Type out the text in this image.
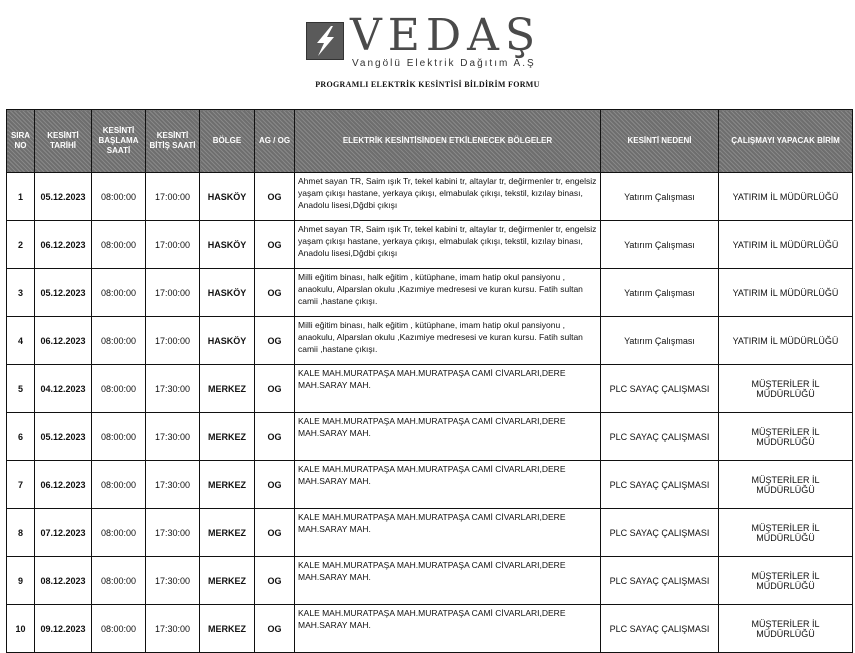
VEDAŞ
Vangölü Elektrik Dağıtım A.Ş
PROGRAMLI ELEKTRİK KESİNTİSİ BİLDİRİM FORMU
SIRA NO	KESİNTİ TARİHİ	KESİNTİ BAŞLAMA SAATİ	KESİNTİ BİTİŞ SAATİ	BÖLGE	AG / OG	ELEKTRİK KESİNTİSİNDEN ETKİLENECEK BÖLGELER	KESİNTİ NEDENİ	ÇALIŞMAYI YAPACAK BİRİM
1	05.12.2023	08:00:00	17:00:00	HASKÖY	OG	Ahmet sayan TR, Saim ışık Tr, tekel kabini tr, altaylar tr, değirmenler tr, engelsiz yaşam çıkışı hastane, yerkaya çıkışı, elmabulak çıkışı, tekstil, kızılay binası, Anadolu lisesi,Dğdbi çıkışı	Yatırım Çalışması	YATIRIM İL MÜDÜRLÜĞÜ
2	06.12.2023	08:00:00	17:00:00	HASKÖY	OG	Ahmet sayan TR, Saim ışık Tr, tekel kabini tr, altaylar tr, değirmenler tr, engelsiz yaşam çıkışı hastane, yerkaya çıkışı, elmabulak çıkışı, tekstil, kızılay binası, Anadolu lisesi,Dğdbi çıkışı	Yatırım Çalışması	YATIRIM İL MÜDÜRLÜĞÜ
3	05.12.2023	08:00:00	17:00:00	HASKÖY	OG	Milli eğitim binası, halk eğitim , kütüphane, imam hatip okul pansiyonu , anaokulu, Alparslan okulu ,Kazımiye medresesi ve kuran kursu. Fatih sultan camii ,hastane çıkışı.	Yatırım Çalışması	YATIRIM İL MÜDÜRLÜĞÜ
4	06.12.2023	08:00:00	17:00:00	HASKÖY	OG	Milli eğitim binası, halk eğitim , kütüphane, imam hatip okul pansiyonu , anaokulu, Alparslan okulu ,Kazımiye medresesi ve kuran kursu. Fatih sultan camii ,hastane çıkışı.	Yatırım Çalışması	YATIRIM İL MÜDÜRLÜĞÜ
5	04.12.2023	08:00:00	17:30:00	MERKEZ	OG	KALE MAH.MURATPAŞA MAH.MURATPAŞA CAMİ CİVARLARI,DERE MAH.SARAY MAH.	PLC SAYAÇ ÇALIŞMASI	MÜŞTERİLER İL MÜDÜRLÜĞÜ
6	05.12.2023	08:00:00	17:30:00	MERKEZ	OG	KALE MAH.MURATPAŞA MAH.MURATPAŞA CAMİ CİVARLARI,DERE MAH.SARAY MAH.	PLC SAYAÇ ÇALIŞMASI	MÜŞTERİLER İL MÜDÜRLÜĞÜ
7	06.12.2023	08:00:00	17:30:00	MERKEZ	OG	KALE MAH.MURATPAŞA MAH.MURATPAŞA CAMİ CİVARLARI,DERE MAH.SARAY MAH.	PLC SAYAÇ ÇALIŞMASI	MÜŞTERİLER İL MÜDÜRLÜĞÜ
8	07.12.2023	08:00:00	17:30:00	MERKEZ	OG	KALE MAH.MURATPAŞA MAH.MURATPAŞA CAMİ CİVARLARI,DERE MAH.SARAY MAH.	PLC SAYAÇ ÇALIŞMASI	MÜŞTERİLER İL MÜDÜRLÜĞÜ
9	08.12.2023	08:00:00	17:30:00	MERKEZ	OG	KALE MAH.MURATPAŞA MAH.MURATPAŞA CAMİ CİVARLARI,DERE MAH.SARAY MAH.	PLC SAYAÇ ÇALIŞMASI	MÜŞTERİLER İL MÜDÜRLÜĞÜ
10	09.12.2023	08:00:00	17:30:00	MERKEZ	OG	KALE MAH.MURATPAŞA MAH.MURATPAŞA CAMİ CİVARLARI,DERE MAH.SARAY MAH.	PLC SAYAÇ ÇALIŞMASI	MÜŞTERİLER İL MÜDÜRLÜĞÜ
